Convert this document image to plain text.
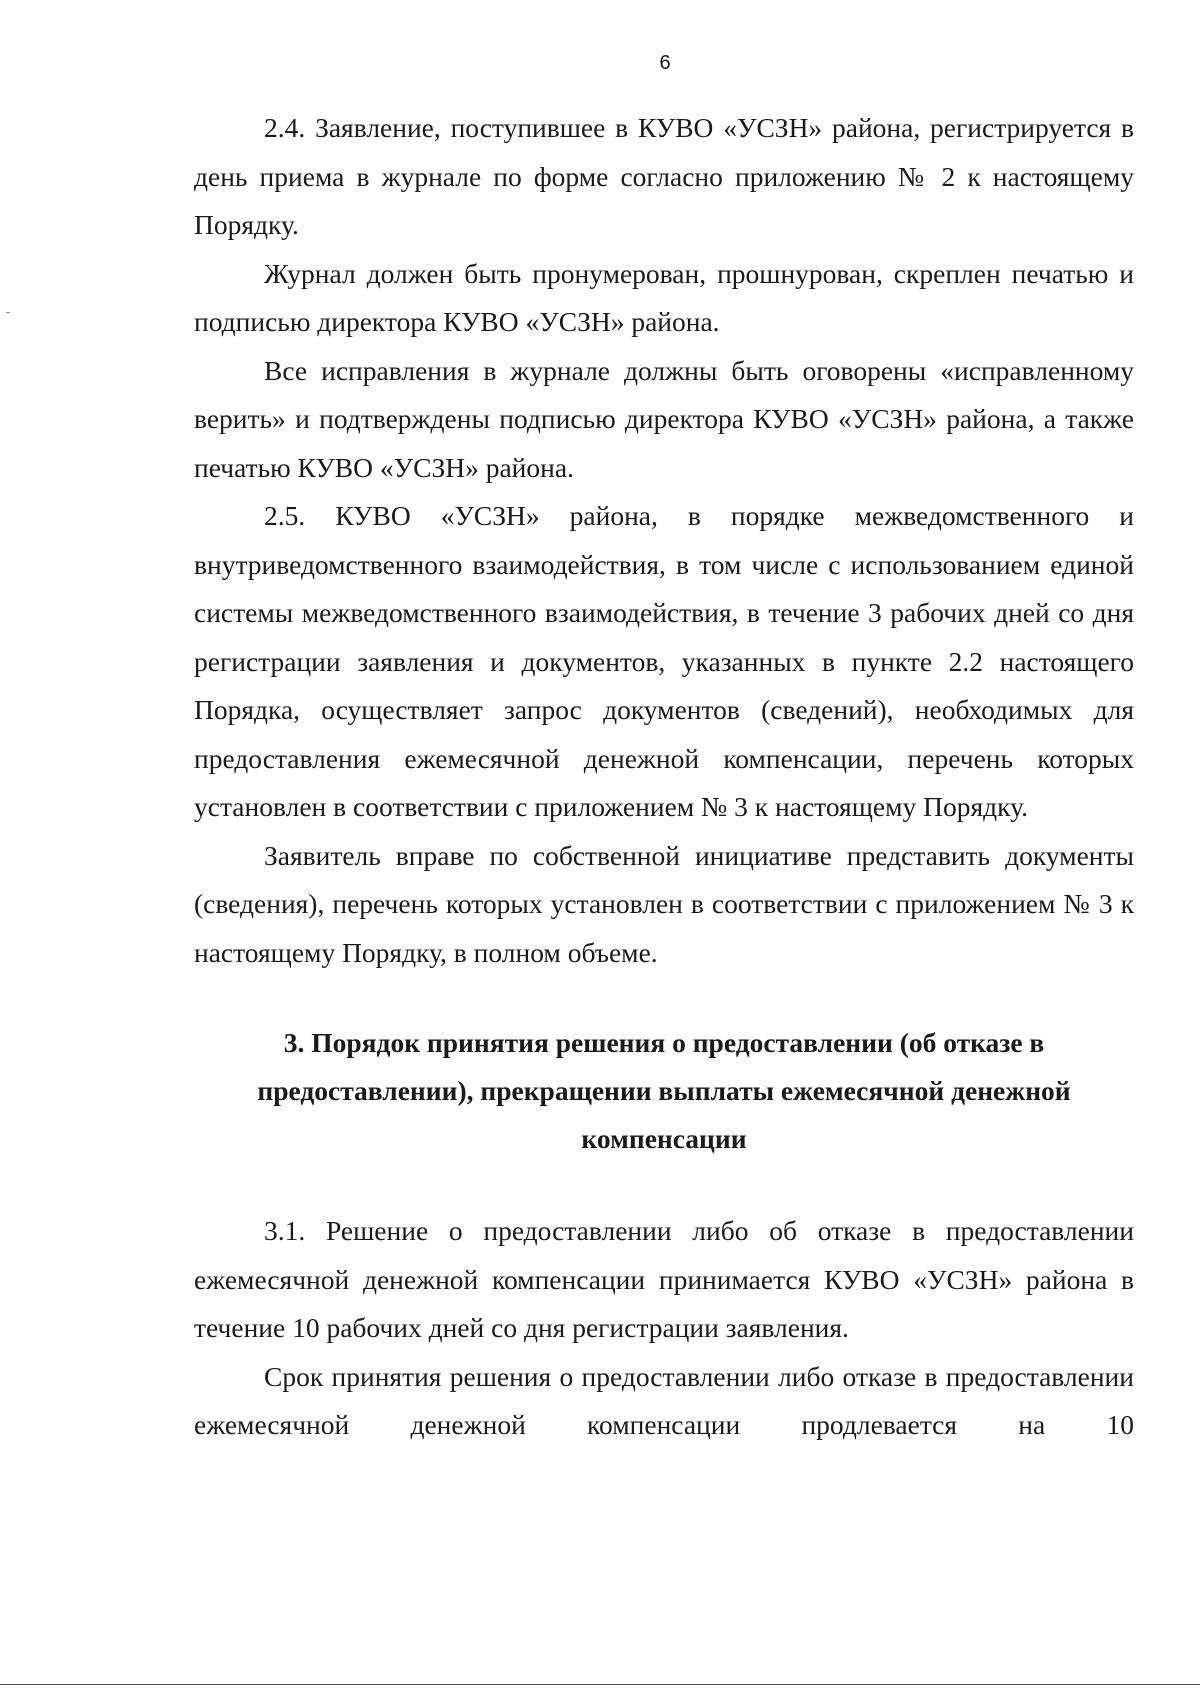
6

2.4. Заявление, поступившее в КУВО «УСЗН» района, регистрируется в день приема в журнале по форме согласно приложению № 2 к настоящему Порядку.

Журнал должен быть пронумерован, прошнурован, скреплен печатью и подписью директора КУВО «УСЗН» района.

Все исправления в журнале должны быть оговорены «исправленному верить» и подтверждены подписью директора КУВО «УСЗН» района, а также печатью КУВО «УСЗН» района.

2.5. КУВО «УСЗН» района, в порядке межведомственного и внутриведомственного взаимодействия, в том числе с использованием единой системы межведомственного взаимодействия, в течение 3 рабочих дней со дня регистрации заявления и документов, указанных в пункте 2.2 настоящего Порядка, осуществляет запрос документов (сведений), необходимых для предоставления ежемесячной денежной компенсации, перечень которых установлен в соответствии с приложением № 3 к настоящему Порядку.

Заявитель вправе по собственной инициативе представить документы (сведения), перечень которых установлен в соответствии с приложением № 3 к настоящему Порядку, в полном объеме.

3. Порядок принятия решения о предоставлении (об отказе в предоставлении), прекращении выплаты ежемесячной денежной компенсации

3.1. Решение о предоставлении либо об отказе в предоставлении ежемесячной денежной компенсации принимается КУВО «УСЗН» района в течение 10 рабочих дней со дня регистрации заявления.

Срок принятия решения о предоставлении либо отказе в предоставлении ежемесячной денежной компенсации продлевается на 10
